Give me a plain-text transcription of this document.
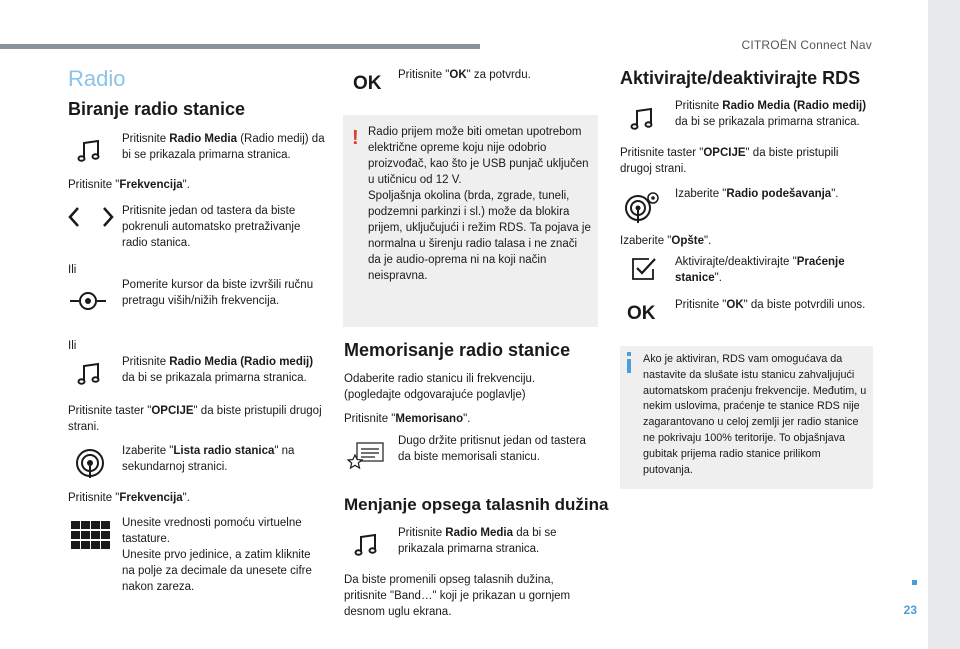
CITROËN Connect Nav
23
Radio
Biranje radio stanice
Pritisnite Radio Media (Radio medij) da bi se prikazala primarna stranica.
Pritisnite "Frekvencija".
Pritisnite jedan od tastera da biste pokrenuli automatsko pretraživanje radio stanica.
Ili
Pomerite kursor da biste izvršili ručnu pretragu viših/nižih frekvencija.
Ili
Pritisnite Radio Media (Radio medij) da bi se prikazala primarna stranica.
Pritisnite taster "OPCIJE" da biste pristupili drugoj strani.
Izaberite "Lista radio stanica" na sekundarnoj stranici.
Pritisnite "Frekvencija".
Unesite vrednosti pomoću virtuelne tastature.
Unesite prvo jedinice, a zatim kliknite na polje za decimale da unesete cifre nakon zareza.
OK Pritisnite "OK" za potvrdu.
! Radio prijem može biti ometan upotrebom električne opreme koju nije odobrio proizvođač, kao što je USB punjač uključen u utičnicu od 12 V.
Spoljašnja okolina (brda, zgrade, tuneli, podzemni parkinzi i sl.) može da blokira prijem, uključujući i režim RDS. Ta pojava je normalna u širenju radio talasa i ne znači da je audio-oprema ni na koji način neispravna.
Memorisanje radio stanice
Odaberite radio stanicu ili frekvenciju. (pogledajte odgovarajuće poglavlje)
Pritisnite "Memorisano".
Dugo držite pritisnut jedan od tastera da biste memorisali stanicu.
Menjanje opsega talasnih dužina
Pritisnite Radio Media da bi se prikazala primarna stranica.
Da biste promenili opseg talasnih dužina, pritisnite "Band…" koji je prikazan u gornjem desnom uglu ekrana.
Aktivirajte/deaktivirajte RDS
Pritisnite Radio Media (Radio medij) da bi se prikazala primarna stranica.
Pritisnite taster "OPCIJE" da biste pristupili drugoj strani.
Izaberite "Radio podešavanja".
Izaberite "Opšte".
Aktivirajte/deaktivirajte "Praćenje stanice".
OK Pritisnite "OK" da biste potvrdili unos.
Ako je aktiviran, RDS vam omogućava da nastavite da slušate istu stanicu zahvaljujući automatskom praćenju frekvencije. Međutim, u nekim uslovima, praćenje te stanice RDS nije zagarantovano u celoj zemlji jer radio stanice ne pokrivaju 100% teritorije. To objašnjava gubitak prijema radio stanice prilikom putovanja.
